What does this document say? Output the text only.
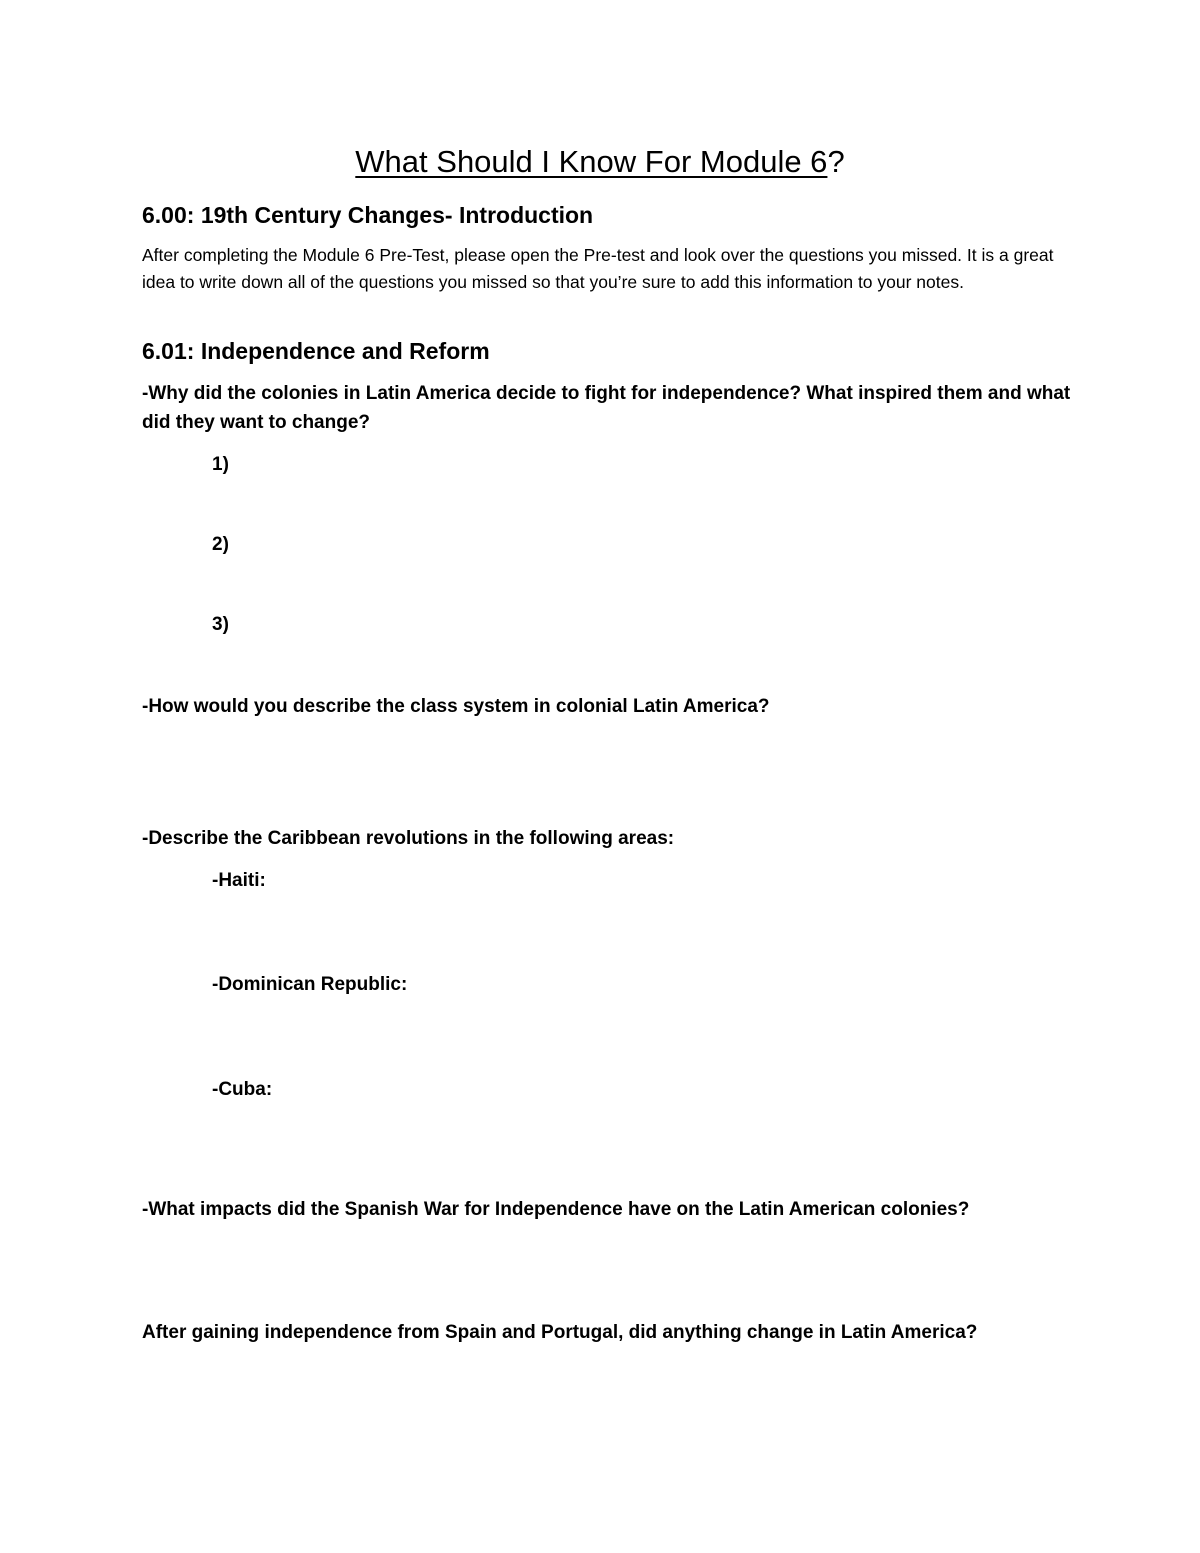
What Should I Know For Module 6?
6.00: 19th Century Changes- Introduction
After completing the Module 6 Pre-Test, please open the Pre-test and look over the questions you missed. It is a great idea to write down all of the questions you missed so that you’re sure to add this information to your notes.
6.01: Independence and Reform
-Why did the colonies in Latin America decide to fight for independence? What inspired them and what did they want to change?
1)
2)
3)
-How would you describe the class system in colonial Latin America?
-Describe the Caribbean revolutions in the following areas:
-Haiti:
-Dominican Republic:
-Cuba:
-What impacts did the Spanish War for Independence have on the Latin American colonies?
After gaining independence from Spain and Portugal, did anything change in Latin America?
